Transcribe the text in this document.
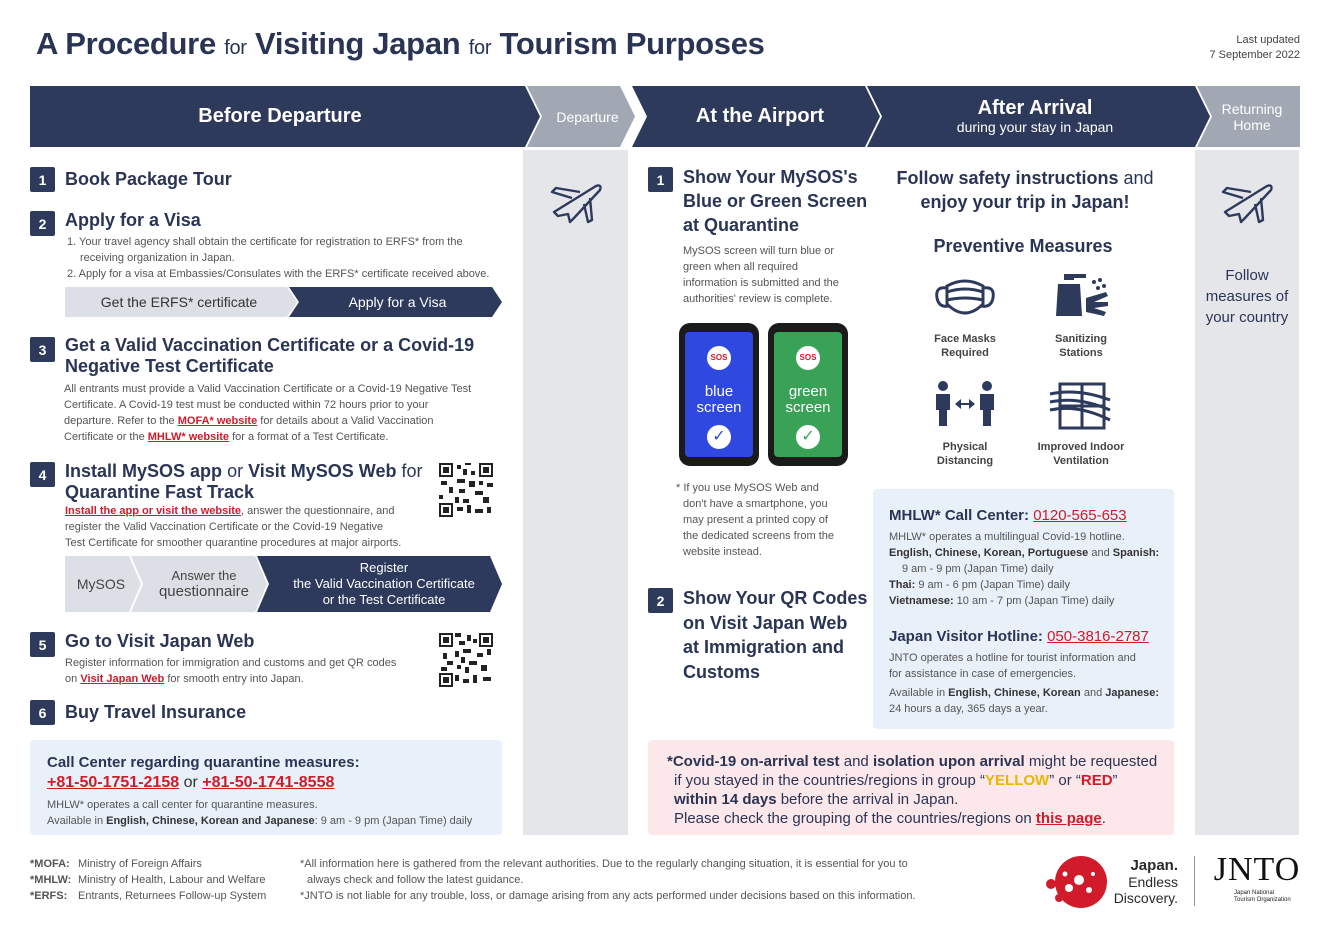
A Procedure for Visiting Japan for Tourism Purposes	Last updated
7 September 2022
Before Departure	Departure	At the Airport	After Arrival
during your stay in Japan
Returning Home
1	Book Package Tour
2	Apply for a Visa
1. Your travel agency shall obtain the certificate for registration to ERFS* from the
receiving organization in Japan.
2. Apply for a visa at Embassies/Consulates with the ERFS* certificate received above.
Get the ERFS* certificate	Apply for a Visa
3	Get a Valid Vaccination Certificate or a Covid-19
Negative Test Certificate
All entrants must provide a Valid Vaccination Certificate or a Covid-19 Negative Test
Certificate. A Covid-19 test must be conducted within 72 hours prior to your
departure. Refer to the MOFA* website for details about a Valid Vaccination
Certificate or the MHLW* website for a format of a Test Certificate.
4	Install MySOS app or Visit MySOS Web for
Quarantine Fast Track
Install the app or visit the website, answer the questionnaire, and
register the Valid Vaccination Certificate or the Covid-19 Negative
Test Certificate for smoother quarantine procedures at major airports.
MySOS
Answer the
questionnaire
Register
the Valid Vaccination Certificate
or the Test Certificate
5	Go to Visit Japan Web
Register information for immigration and customs and get QR codes
on Visit Japan Web for smooth entry into Japan.
6	Buy Travel Insurance
Call Center regarding quarantine measures:
+81-50-1751-2158 or +81-50-1741-8558
MHLW* operates a call center for quarantine measures.
Available in English, Chinese, Korean and Japanese: 9 am - 9 pm (Japan Time) daily
1	Show Your MySOS's
Blue or Green Screen
at Quarantine
MySOS screen will turn blue or
green when all required
information is submitted and the
authorities' review is complete.
SOS
blue
screen
✓
SOS
green
screen
✓
* If you use MySOS Web and
don't have a smartphone, you
may present a printed copy of
the dedicated screens from the
website instead.
2	Show Your QR Codes
on Visit Japan Web
at Immigration and
Customs
Follow safety instructions and
enjoy your trip in Japan!
Preventive Measures
Face Masks
Required
Sanitizing
Stations
Physical
Distancing
Improved Indoor
Ventilation
MHLW* Call Center: 0120-565-653
MHLW* operates a multilingual Covid-19 hotline.
English, Chinese, Korean, Portuguese and Spanish:
9 am - 9 pm (Japan Time) daily
Thai: 9 am - 6 pm (Japan Time) daily
Vietnamese: 10 am - 7 pm (Japan Time) daily
Japan Visitor Hotline: 050-3816-2787
JNTO operates a hotline for tourist information and
for assistance in case of emergencies.
Available in English, Chinese, Korean and Japanese:
24 hours a day, 365 days a year.
Follow
measures of
your country
*Covid-19 on-arrival test and isolation upon arrival might be requested
if you stayed in the countries/regions in group “YELLOW” or “RED”
within 14 days before the arrival in Japan.
Please check the grouping of the countries/regions on this page.
*MOFA: Ministry of Foreign Affairs
*MHLW: Ministry of Health, Labour and Welfare
*ERFS: Entrants, Returnees Follow-up System
*All information here is gathered from the relevant authorities. Due to the regularly changing situation, it is essential for you to
always check and follow the latest guidance.
*JNTO is not liable for any trouble, loss, or damage arising from any acts performed under decisions based on this information.
Japan.
Endless
Discovery.
JNTO
Japan National
Tourism Organization
